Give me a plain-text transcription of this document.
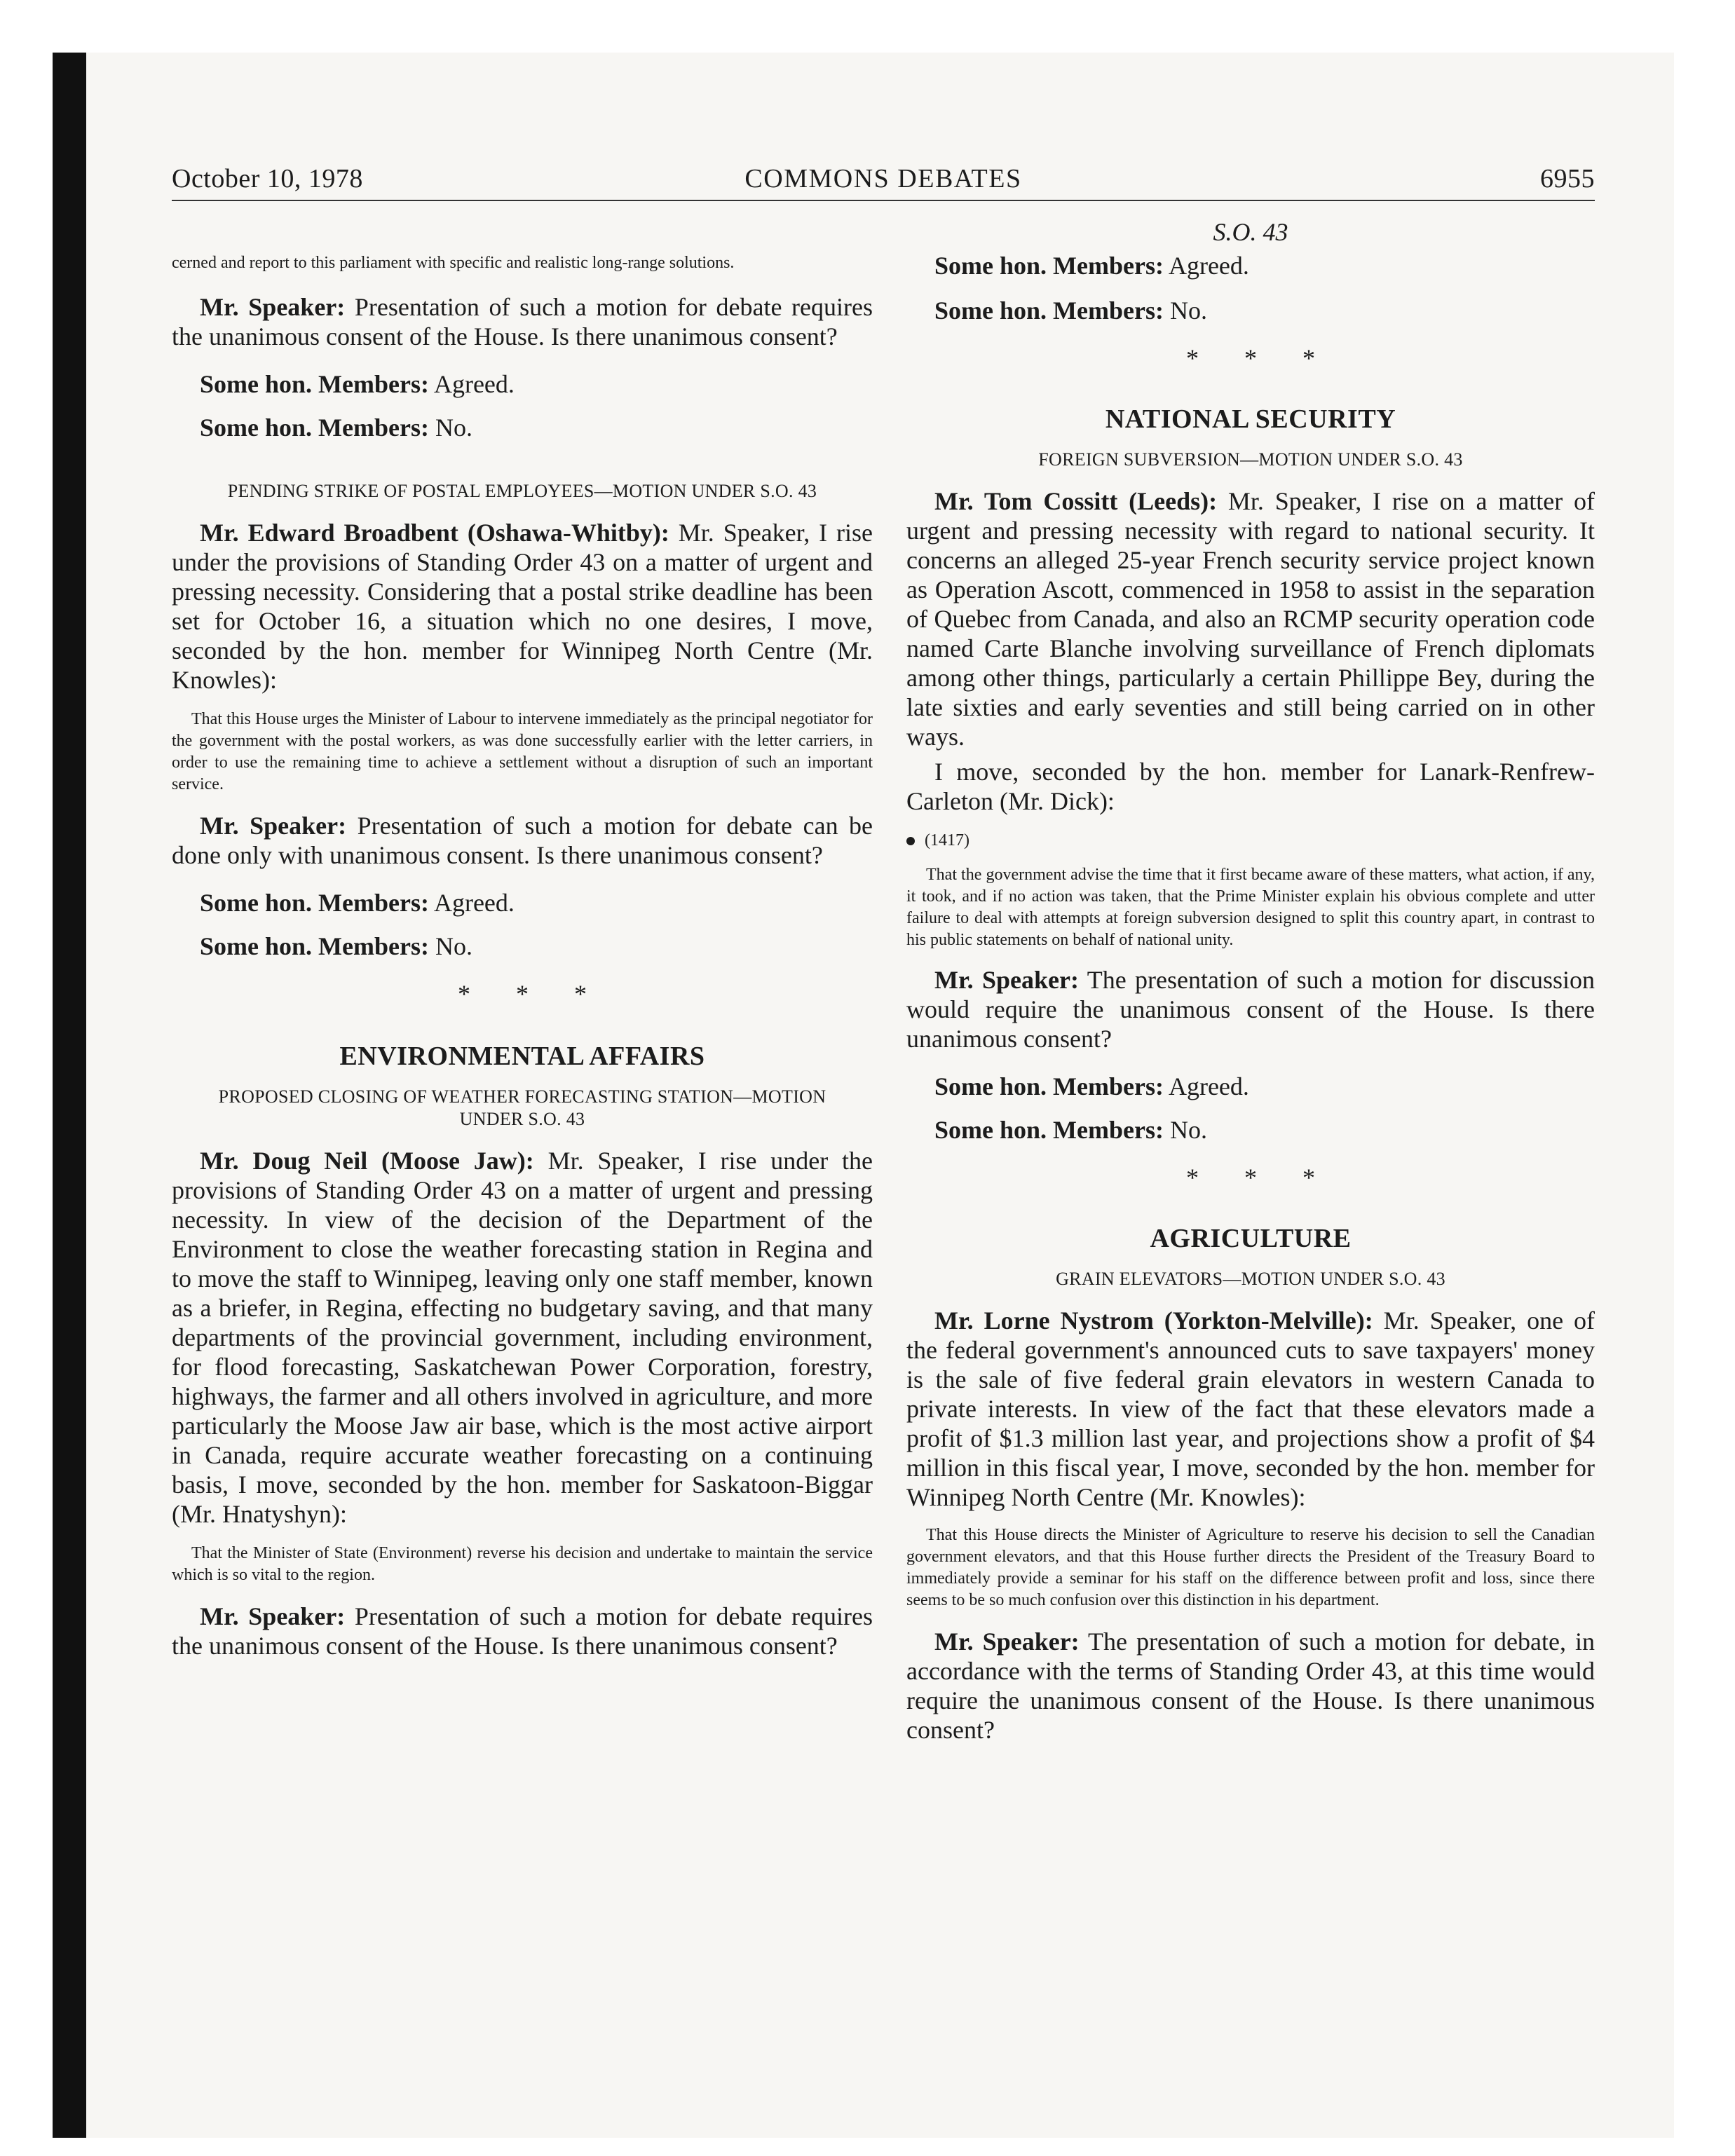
October 10, 1978	COMMONS DEBATES	6955

cerned and report to this parliament with specific and realistic long-range solutions.

Mr. Speaker: Presentation of such a motion for debate requires the unanimous consent of the House. Is there unanimous consent?

Some hon. Members: Agreed.

Some hon. Members: No.

PENDING STRIKE OF POSTAL EMPLOYEES—MOTION UNDER S.O. 43

Mr. Edward Broadbent (Oshawa-Whitby): Mr. Speaker, I rise under the provisions of Standing Order 43 on a matter of urgent and pressing necessity. Considering that a postal strike deadline has been set for October 16, a situation which no one desires, I move, seconded by the hon. member for Winnipeg North Centre (Mr. Knowles):

That this House urges the Minister of Labour to intervene immediately as the principal negotiator for the government with the postal workers, as was done successfully earlier with the letter carriers, in order to use the remaining time to achieve a settlement without a disruption of such an important service.

Mr. Speaker: Presentation of such a motion for debate can be done only with unanimous consent. Is there unanimous consent?

Some hon. Members: Agreed.

Some hon. Members: No.

* * *

ENVIRONMENTAL AFFAIRS

PROPOSED CLOSING OF WEATHER FORECASTING STATION—MOTION UNDER S.O. 43

Mr. Doug Neil (Moose Jaw): Mr. Speaker, I rise under the provisions of Standing Order 43 on a matter of urgent and pressing necessity. In view of the decision of the Department of the Environment to close the weather forecasting station in Regina and to move the staff to Winnipeg, leaving only one staff member, known as a briefer, in Regina, effecting no budgetary saving, and that many departments of the provincial government, including environment, for flood forecasting, Saskatchewan Power Corporation, forestry, highways, the farmer and all others involved in agriculture, and more particularly the Moose Jaw air base, which is the most active airport in Canada, require accurate weather forecasting on a continuing basis, I move, seconded by the hon. member for Saskatoon-Biggar (Mr. Hnatyshyn):

That the Minister of State (Environment) reverse his decision and undertake to maintain the service which is so vital to the region.

Mr. Speaker: Presentation of such a motion for debate requires the unanimous consent of the House. Is there unanimous consent?

S.O. 43

Some hon. Members: Agreed.

Some hon. Members: No.

* * *

NATIONAL SECURITY

FOREIGN SUBVERSION—MOTION UNDER S.O. 43

Mr. Tom Cossitt (Leeds): Mr. Speaker, I rise on a matter of urgent and pressing necessity with regard to national security. It concerns an alleged 25-year French security service project known as Operation Ascott, commenced in 1958 to assist in the separation of Quebec from Canada, and also an RCMP security operation code named Carte Blanche involving surveillance of French diplomats among other things, particularly a certain Phillippe Bey, during the late sixties and early seventies and still being carried on in other ways.

I move, seconded by the hon. member for Lanark-Renfrew-Carleton (Mr. Dick):

(1417)

That the government advise the time that it first became aware of these matters, what action, if any, it took, and if no action was taken, that the Prime Minister explain his obvious complete and utter failure to deal with attempts at foreign subversion designed to split this country apart, in contrast to his public statements on behalf of national unity.

Mr. Speaker: The presentation of such a motion for discussion would require the unanimous consent of the House. Is there unanimous consent?

Some hon. Members: Agreed.

Some hon. Members: No.

* * *

AGRICULTURE

GRAIN ELEVATORS—MOTION UNDER S.O. 43

Mr. Lorne Nystrom (Yorkton-Melville): Mr. Speaker, one of the federal government's announced cuts to save taxpayers' money is the sale of five federal grain elevators in western Canada to private interests. In view of the fact that these elevators made a profit of $1.3 million last year, and projections show a profit of $4 million in this fiscal year, I move, seconded by the hon. member for Winnipeg North Centre (Mr. Knowles):

That this House directs the Minister of Agriculture to reserve his decision to sell the Canadian government elevators, and that this House further directs the President of the Treasury Board to immediately provide a seminar for his staff on the difference between profit and loss, since there seems to be so much confusion over this distinction in his department.

Mr. Speaker: The presentation of such a motion for debate, in accordance with the terms of Standing Order 43, at this time would require the unanimous consent of the House. Is there unanimous consent?
